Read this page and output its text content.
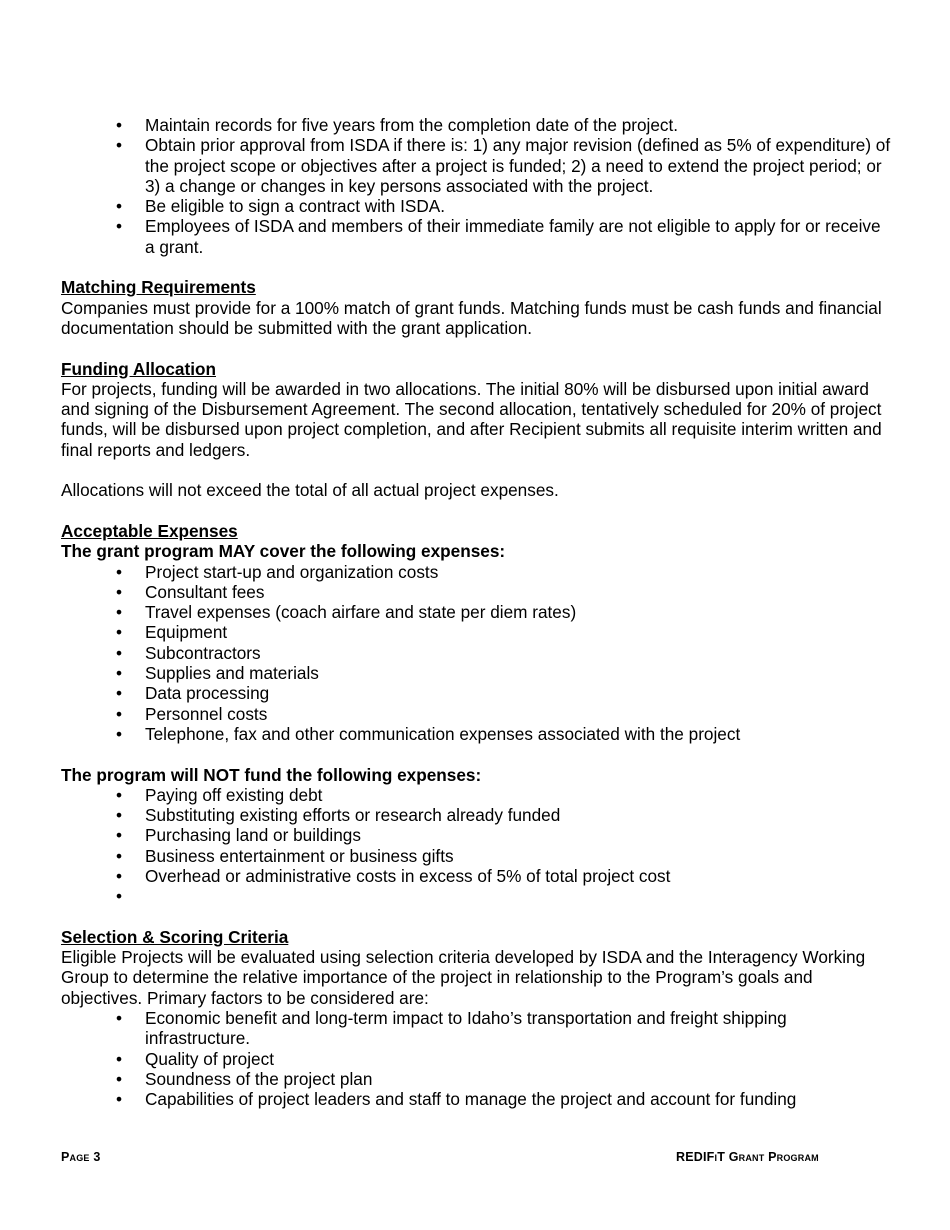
• Maintain records for five years from the completion date of the project.
• Obtain prior approval from ISDA if there is: 1) any major revision (defined as 5% of expenditure) of the project scope or objectives after a project is funded; 2) a need to extend the project period; or 3) a change or changes in key persons associated with the project.
• Be eligible to sign a contract with ISDA.
• Employees of ISDA and members of their immediate family are not eligible to apply for or receive a grant.
Matching Requirements
Companies must provide for a 100% match of grant funds. Matching funds must be cash funds and financial documentation should be submitted with the grant application.
Funding Allocation
For projects, funding will be awarded in two allocations. The initial 80% will be disbursed upon initial award and signing of the Disbursement Agreement. The second allocation, tentatively scheduled for 20% of project funds, will be disbursed upon project completion, and after Recipient submits all requisite interim written and final reports and ledgers.
Allocations will not exceed the total of all actual project expenses.
Acceptable Expenses
The grant program MAY cover the following expenses:
• Project start-up and organization costs
• Consultant fees
• Travel expenses (coach airfare and state per diem rates)
• Equipment
• Subcontractors
• Supplies and materials
• Data processing
• Personnel costs
• Telephone, fax and other communication expenses associated with the project
The program will NOT fund the following expenses:
• Paying off existing debt
• Substituting existing efforts or research already funded
• Purchasing land or buildings
• Business entertainment or business gifts
• Overhead or administrative costs in excess of 5% of total project cost
•

Selection & Scoring Criteria
Eligible Projects will be evaluated using selection criteria developed by ISDA and the Interagency Working Group to determine the relative importance of the project in relationship to the Program’s goals and objectives. Primary factors to be considered are:
• Economic benefit and long-term impact to Idaho’s transportation and freight shipping infrastructure.
• Quality of project
• Soundness of the project plan
• Capabilities of project leaders and staff to manage the project and account for funding
Page 3	REDIFiT Grant Program
